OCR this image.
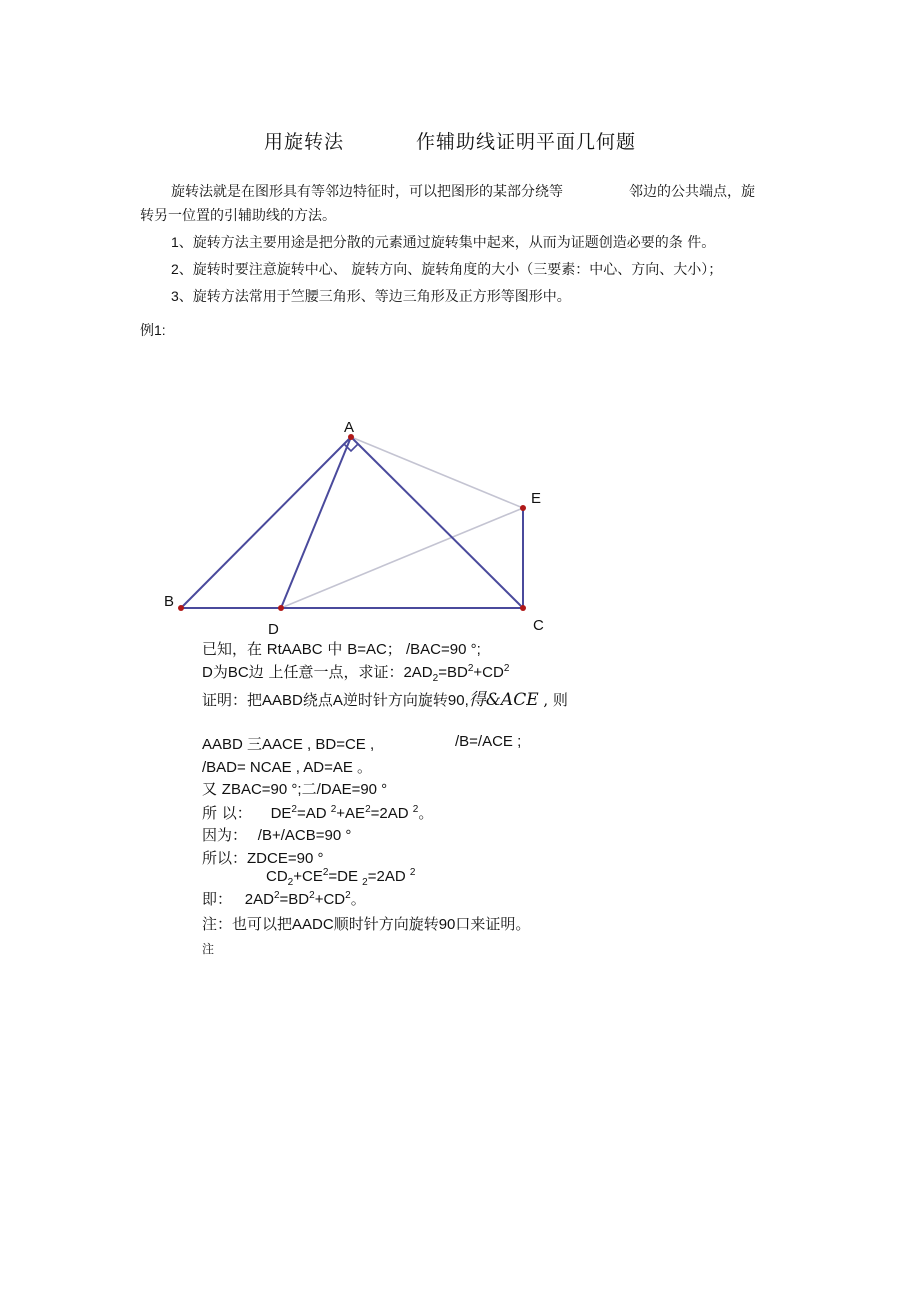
用旋转法	作辅助线证明平面几何题
旋转法就是在图形具有等邻边特征时，可以把图形的某部分绕等	邻边的公共端点，旋
转另一位置的引辅助线的方法。
1、旋转方法主要用途是把分散的元素通过旋转集中起来，从而为证题创造必要的条 件。
2、旋转时要注意旋转中心、 旋转方向、旋转角度的大小（三要素：中心、方向、大小）；
3、旋转方法常用于竺腰三角形、等边三角形及正方形等图形中。
例1:
A
B
C
D
E
已知，在 RtAABC 中 B=AC； /BAC=90 °;
D为BC边 上任意一点，求证：$2AD_2=BD^2+CD^2$
证明：把AABD绕点A逆时针方向旋转90,得&ACE , 则
AABD 三AACE , BD=CE ,	/B=/ACE ;
/BAD= NCAE , AD=AE 。
又 ZBAC=90 °;二/DAE=90 °
所 以： $DE^2=AD$ $^2+AE^2=2AD$ $^2$。
因为： /B+/ACB=90 °
所以：ZDCE=90 °
$CD_2+CE^2=DE$ $_2$=2AD $^2$
即： $2AD^2=BD^2+CD^2$。
注：也可以把AADC顺时针方向旋转90口来证明。
注
